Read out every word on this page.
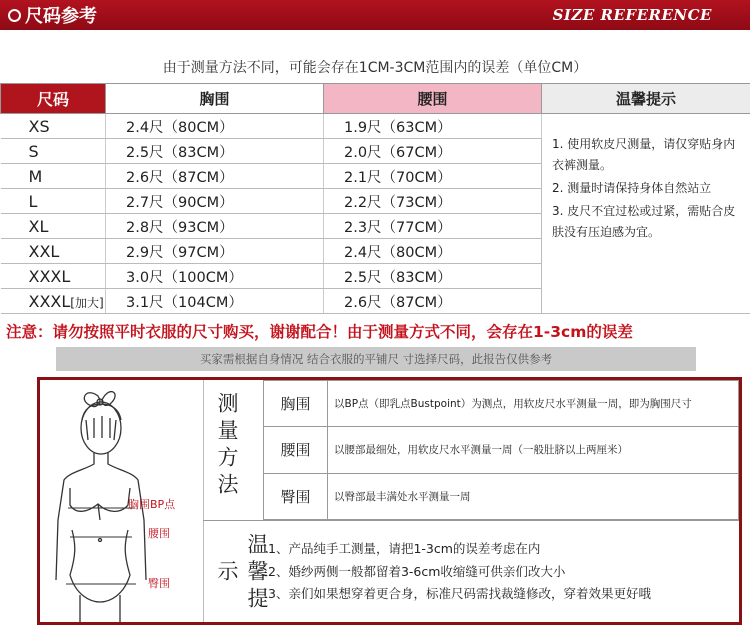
尺码参考	SIZE REFERENCE
由于测量方法不同，可能会存在1CM-3CM范围内的误差（单位CM）
尺码	胸围	腰围	温馨提示
XS	2.4尺（80CM）	1.9尺（63CM）	1. 使用软皮尺测量，请仅穿贴身内衣裤测量。
2. 测量时请保持身体自然站立
3. 皮尺不宜过松或过紧，需贴合皮肤没有压迫感为宜。

S	2.5尺（83CM）	2.0尺（67CM）	
M	2.6尺（87CM）	2.1尺（70CM）	
L	2.7尺（90CM）	2.2尺（73CM）	
XL	2.8尺（93CM）	2.3尺（77CM）	
XXL	2.9尺（97CM）	2.4尺（80CM）	
XXXL	3.0尺（100CM）	2.5尺（83CM）	
XXXL[加大]	3.1尺（104CM）	2.6尺（87CM）	
注意：请勿按照平时衣服的尺寸购买，谢谢配合！由于测量方式不同，会存在1-3cm的误差
买家需根据自身情况 结合衣服的平铺尺 寸选择尺码，此报告仅供参考
胸围BP点
腰围
臀围
测量方法
温馨提示
胸围	以BP点（即乳点Bustpoint）为测点，用软皮尺水平测量一周，即为胸围尺寸
腰围	以腰部最细处，用软皮尺水平测量一周（一般肚脐以上两厘米）
臀围	以臀部最丰满处水平测量一周
1、产品纯手工测量，请把1-3cm的误差考虑在内
2、婚纱两侧一般都留着3-6cm收缩缝可供亲们改大小
3、亲们如果想穿着更合身，标准尺码需找裁缝修改，穿着效果更好哦
